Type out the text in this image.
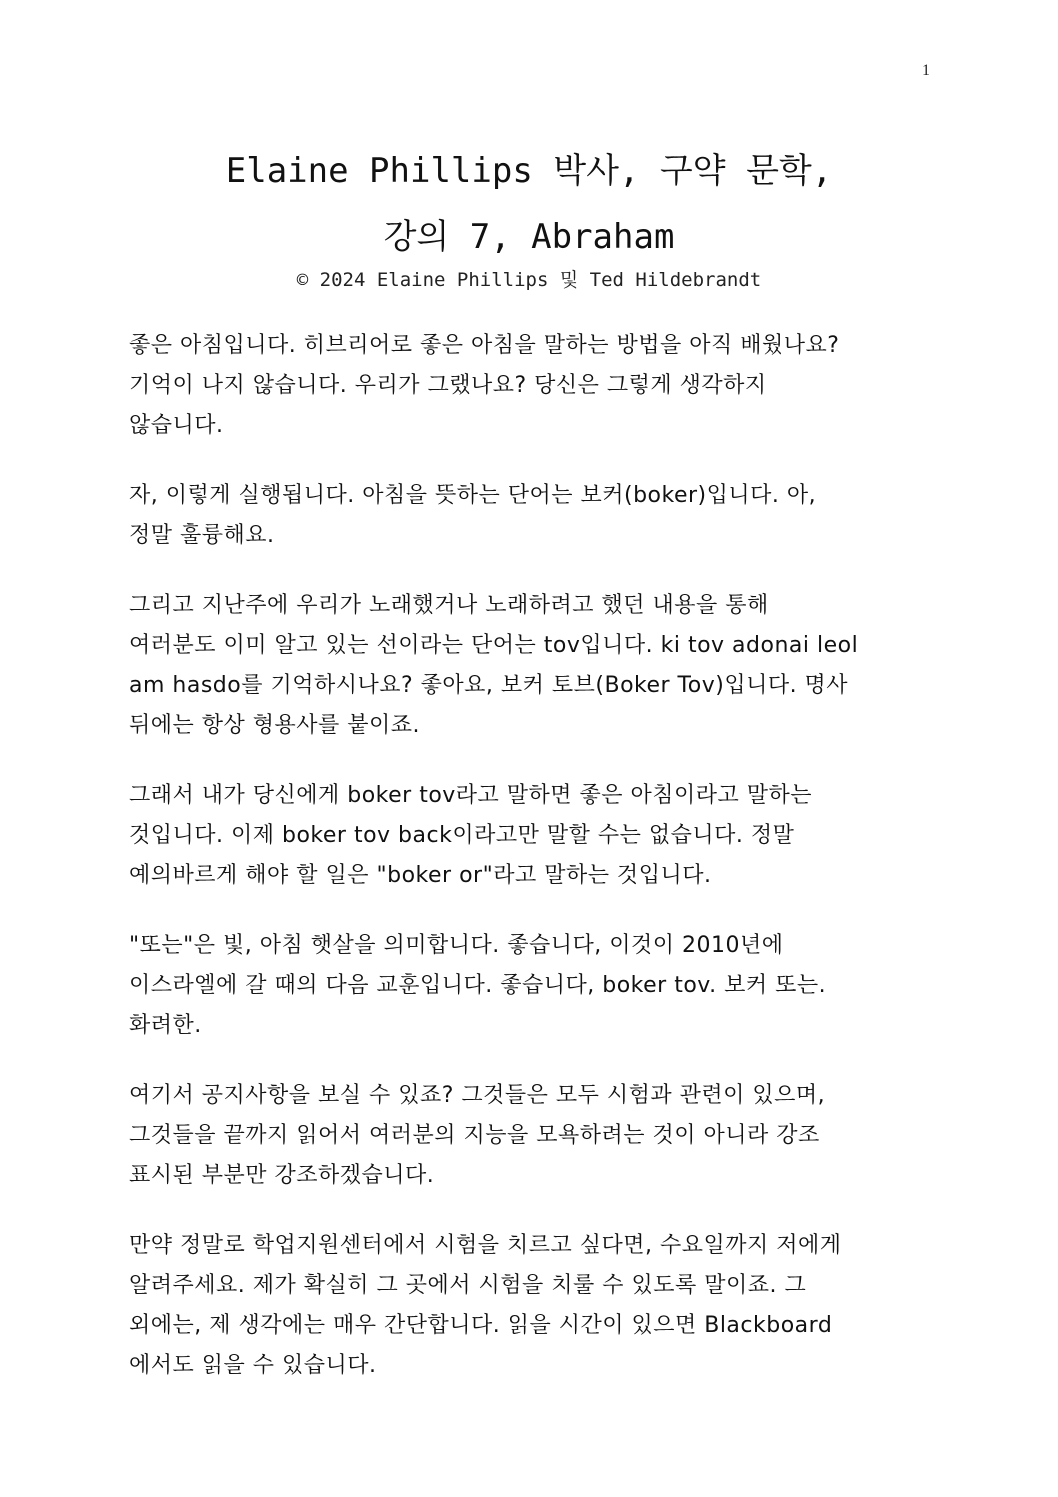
1
Elaine Phillips 박사, 구약 문학,
강의 7, Abraham
© 2024 Elaine Phillips 및 Ted Hildebrandt

좋은 아침입니다. 히브리어로 좋은 아침을 말하는 방법을 아직 배웠나요?
기억이 나지 않습니다. 우리가 그랬나요? 당신은 그렇게 생각하지
않습니다.

자, 이렇게 실행됩니다. 아침을 뜻하는 단어는 보커(boker)입니다. 아,
정말 훌륭해요.

그리고 지난주에 우리가 노래했거나 노래하려고 했던 내용을 통해
여러분도 이미 알고 있는 선이라는 단어는 tov입니다. ki tov adonai leol
am hasdo를 기억하시나요? 좋아요, 보커 토브(Boker Tov)입니다. 명사
뒤에는 항상 형용사를 붙이죠.

그래서 내가 당신에게 boker tov라고 말하면 좋은 아침이라고 말하는
것입니다. 이제 boker tov back이라고만 말할 수는 없습니다. 정말
예의바르게 해야 할 일은 "boker or"라고 말하는 것입니다.

"또는"은 빛, 아침 햇살을 의미합니다. 좋습니다, 이것이 2010년에
이스라엘에 갈 때의 다음 교훈입니다. 좋습니다, boker tov. 보커 또는.
화려한.

여기서 공지사항을 보실 수 있죠? 그것들은 모두 시험과 관련이 있으며,
그것들을 끝까지 읽어서 여러분의 지능을 모욕하려는 것이 아니라 강조
표시된 부분만 강조하겠습니다.

만약 정말로 학업지원센터에서 시험을 치르고 싶다면, 수요일까지 저에게
알려주세요. 제가 확실히 그 곳에서 시험을 치룰 수 있도록 말이죠. 그
외에는, 제 생각에는 매우 간단합니다. 읽을 시간이 있으면 Blackboard
에서도 읽을 수 있습니다.
